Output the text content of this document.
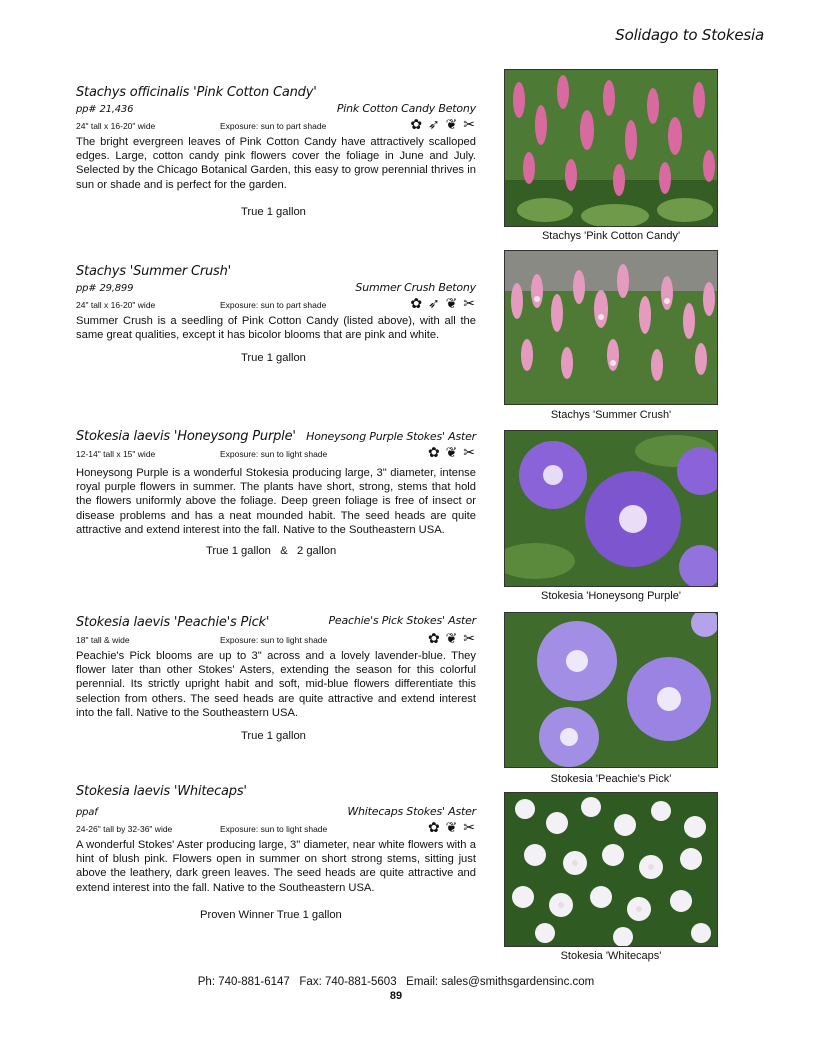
Solidago to Stokesia
Stachys officinalis 'Pink Cotton Candy'
pp# 21,436	Pink Cotton Candy Betony
24" tall x 16-20" wide	Exposure: sun to part shade	✿ ➶ ❦ ✂

The bright evergreen leaves of Pink Cotton Candy have attractively scalloped edges. Large, cotton candy pink flowers cover the foliage in June and July. Selected by the Chicago Botanical Garden, this easy to grow perennial thrives in sun or shade and is perfect for the garden.

True 1 gallon
Stachys 'Summer Crush'
pp# 29,899	Summer Crush Betony
24" tall x 16-20" wide	Exposure: sun to part shade	✿ ➶ ❦ ✂

Summer Crush is a seedling of Pink Cotton Candy (listed above), with all the same great qualities, except it has bicolor blooms that are pink and white.

True 1 gallon
Stokesia laevis 'Honeysong Purple' Honeysong Purple Stokes' Aster
12-14" tall x 15" wide	Exposure: sun to light shade	✿ ❦ ✂

Honeysong Purple is a wonderful Stokesia producing large, 3" diameter, intense royal purple flowers in summer. The plants have short, strong, stems that hold the flowers uniformly above the foliage. Deep green foliage is free of insect or disease problems and has a neat mounded habit. The seed heads are quite attractive and extend interest into the fall. Native to the Southeastern USA.

True 1 gallon   &   2 gallon
Stokesia laevis 'Peachie's Pick'	Peachie's Pick Stokes' Aster
18" tall & wide	Exposure: sun to light shade	✿ ❦ ✂

Peachie's Pick blooms are up to 3" across and a lovely lavender-blue. They flower later than other Stokes' Asters, extending the season for this colorful perennial. Its strictly upright habit and soft, mid-blue flowers differentiate this selection from others. The seed heads are quite attractive and extend interest into the fall. Native to the Southeastern USA.

True 1 gallon
Stokesia laevis 'Whitecaps'
ppaf	Whitecaps Stokes' Aster
24-26" tall by 32-36" wide	Exposure: sun to light shade	✿ ❦ ✂

A wonderful Stokes' Aster producing large, 3" diameter, near white flowers with a hint of blush pink. Flowers open in summer on short strong stems, sitting just above the leathery, dark green leaves. The seed heads are quite attractive and extend interest into the fall. Native to the Southeastern USA.

Proven Winner True 1 gallon
Stachys 'Pink Cotton Candy'
Stachys 'Summer Crush'
Stokesia 'Honeysong Purple'
Stokesia 'Peachie's Pick'
Stokesia 'Whitecaps'
Ph: 740-881-6147   Fax: 740-881-5603   Email: sales@smithsgardensinc.com
89
